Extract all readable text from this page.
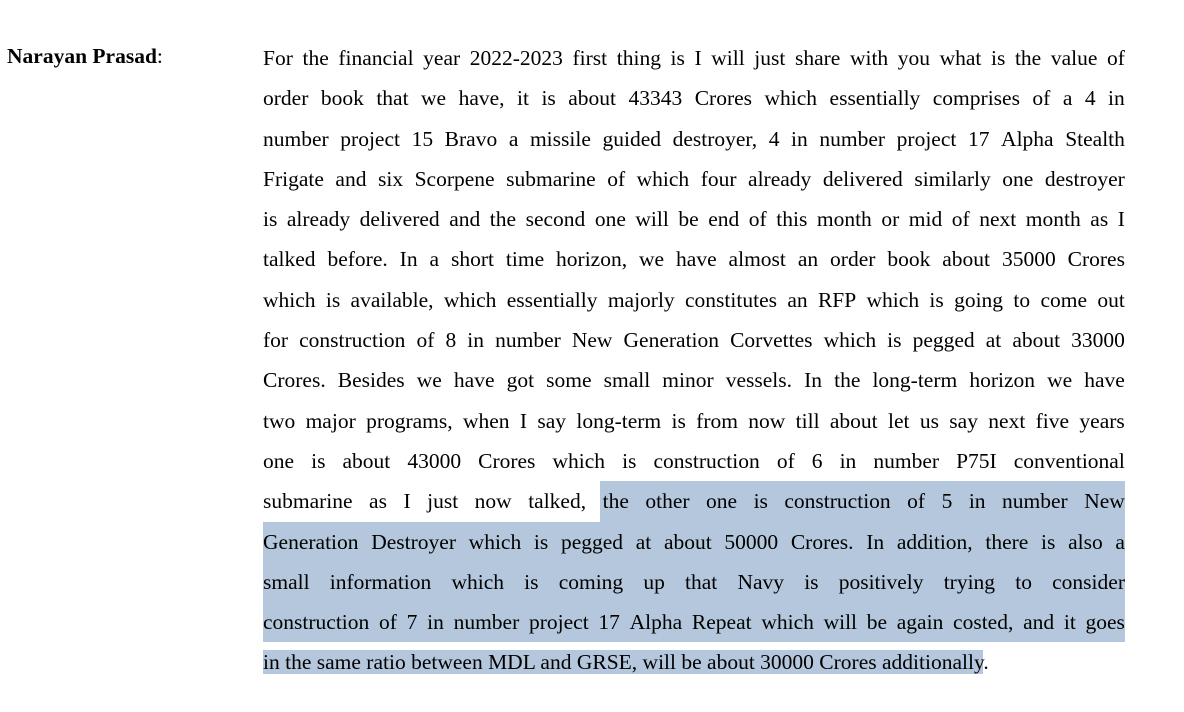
Narayan Prasad:	For the financial year 2022-2023 first thing is I will just share with you what is the value of
order book that we have, it is about 43343 Crores which essentially comprises of a 4 in
number project 15 Bravo a missile guided destroyer, 4 in number project 17 Alpha Stealth
Frigate and six Scorpene submarine of which four already delivered similarly one destroyer
is already delivered and the second one will be end of this month or mid of next month as I
talked before. In a short time horizon, we have almost an order book about 35000 Crores
which is available, which essentially majorly constitutes an RFP which is going to come out
for construction of 8 in number New Generation Corvettes which is pegged at about 33000
Crores. Besides we have got some small minor vessels. In the long-term horizon we have
two major programs, when I say long-term is from now till about let us say next five years
one is about 43000 Crores which is construction of 6 in number P75I conventional
submarine as I just now talked, the other one is construction of 5 in number New
Generation Destroyer which is pegged at about 50000 Crores. In addition, there is also a
small information which is coming up that Navy is positively trying to consider
construction of 7 in number project 17 Alpha Repeat which will be again costed, and it goes
in the same ratio between MDL and GRSE, will be about 30000 Crores additionally.
